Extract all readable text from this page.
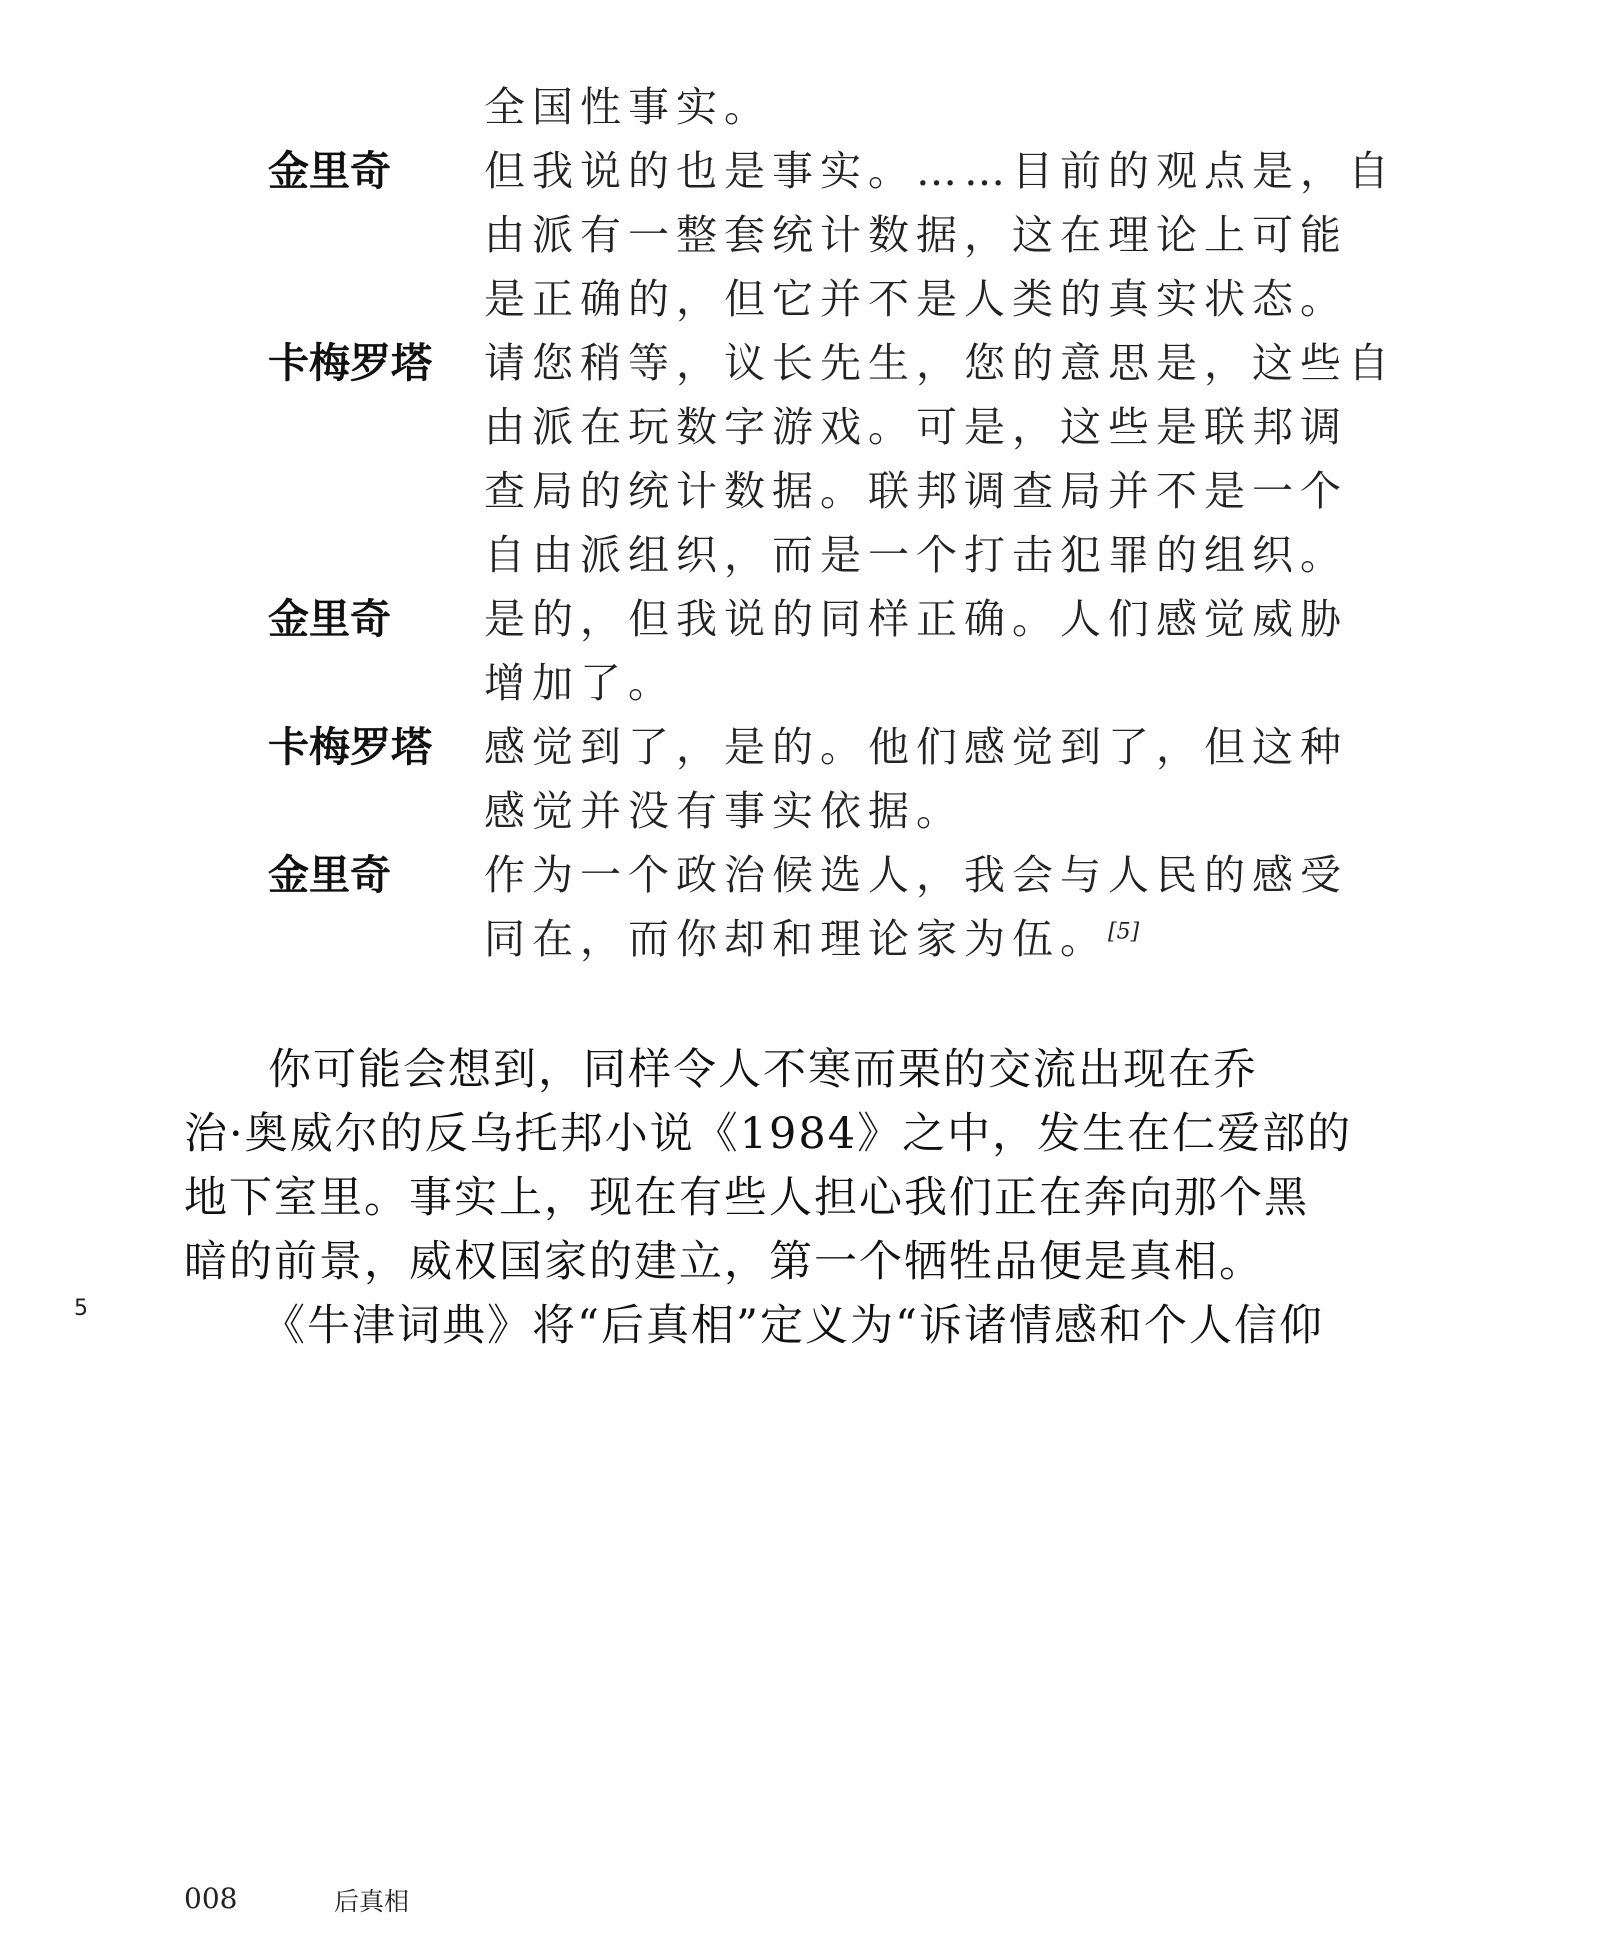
全国性事实。

金里奇 但我说的也是事实。……目前的观点是，自

由派有一整套统计数据，这在理论上可能

是正确的，但它并不是人类的真实状态。

卡梅罗塔 请您稍等，议长先生，您的意思是，这些自

由派在玩数字游戏。可是，这些是联邦调

查局的统计数据。联邦调查局并不是一个

自由派组织，而是一个打击犯罪的组织。

金里奇 是的，但我说的同样正确。人们感觉威胁

增加了。

卡梅罗塔 感觉到了，是的。他们感觉到了，但这种

感觉并没有事实依据。

金里奇 作为一个政治候选人，我会与人民的感受

同在，而你却和理论家为伍。[5]

你可能会想到，同样令人不寒而栗的交流出现在乔

治·奥威尔的反乌托邦小说《1984》之中，发生在仁爱部的

地下室里。事实上，现在有些人担心我们正在奔向那个黑

暗的前景，威权国家的建立，第一个牺牲品便是真相。

《牛津词典》将“后真相”定义为“诉诸情感和个人信仰

5
008	后真相
